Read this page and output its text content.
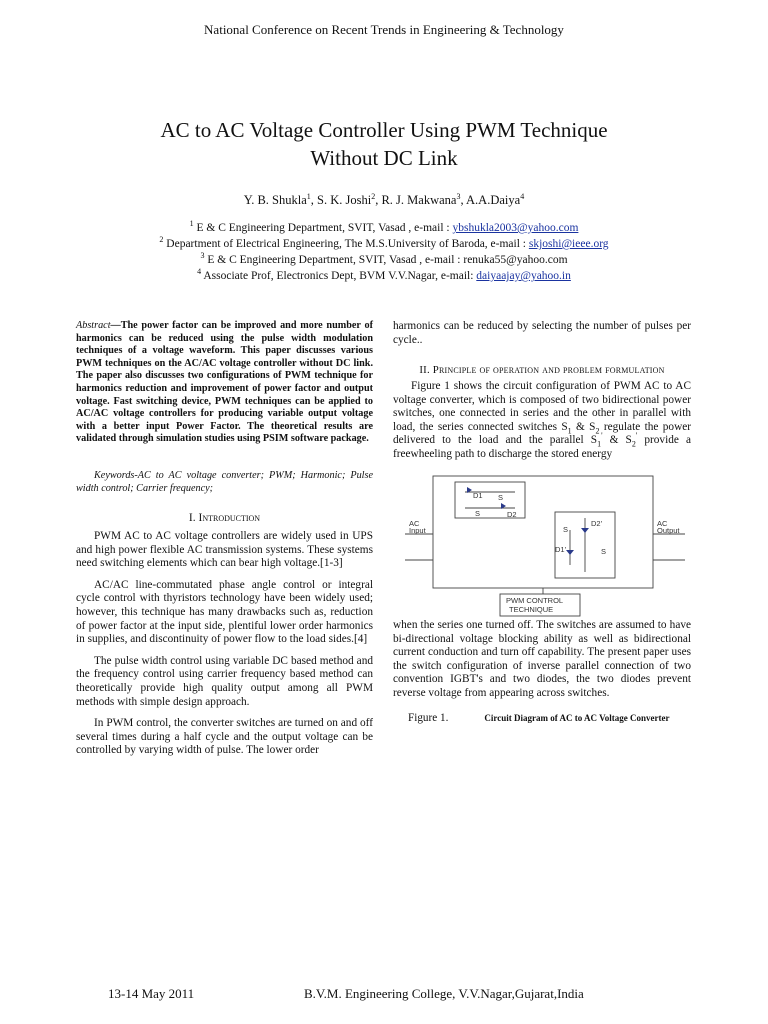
National Conference on Recent Trends in Engineering & Technology
AC to AC Voltage Controller Using PWM Technique
Without DC Link
Y. B. Shukla$^1$, S. K. Joshi$^2$, R. J. Makwana$^3$, A.A.Daiya$^4$
$^1$ E & C Engineering Department, SVIT, Vasad , e-mail : ybshukla2003@yahoo.com
$^2$ Department of Electrical Engineering, The M.S.University of Baroda, e-mail : skjoshi@ieee.org
$^3$ E & C Engineering Department, SVIT, Vasad , e-mail : renuka55@yahoo.com
$^4$ Associate Prof, Electronics Dept, BVM V.V.Nagar, e-mail: daiyaajay@yahoo.in
Abstract—The power factor can be improved and more number of harmonics can be reduced using the pulse width modulation techniques of a voltage waveform. This paper discusses various PWM techniques on the AC/AC voltage controller without DC link. The paper also discusses two configurations of PWM technique for harmonics reduction and improvement of power factor and output voltage. Fast switching device, PWM techniques can be applied to AC/AC voltage controllers for producing variable output voltage with a better input Power Factor. The theoretical results are validated through simulation studies using PSIM software package.
Keywords-AC to AC voltage converter; PWM; Harmonic; Pulse width control; Carrier frequency;
I. Introduction

PWM AC to AC voltage controllers are widely used in UPS and high power flexible AC transmission systems. These systems need switching elements which can bear high voltage.[1-3]

AC/AC line-commutated phase angle control or integral cycle control with thyristors technology have been widely used; however, this technique has many drawbacks such as, reduction of power factor at the input side, plentiful lower order harmonics in supplies, and discontinuity of power flow to the load sides.[4]

The pulse width control using variable DC based method and the frequency control using carrier frequency based method can theoretically provide high quality output among all PWM methods with simple design approach.

In PWM control, the converter switches are turned on and off several times during a half cycle and the output voltage can be controlled by varying width of pulse. The lower order

harmonics can be reduced by selecting the number of pulses per cycle..

II. Principle of operation and problem formulation

Figure 1 shows the circuit configuration of PWM AC to AC voltage converter, which is composed of two bidirectional power switches, one connected in series and the other in parallel with load, the series connected switches $S_1$ & $S_2$ regulate the power delivered to the load and the parallel $S_1'$ & $S_2'$ provide a freewheeling path to discharge the stored energy

AC
Input
AC
Output
D1
D2
D2'
D1'
S
S
S
S
PWM CONTROL
TECHNIQUE

when the series one turned off. The switches are assumed to have bi-directional voltage blocking ability as well as bidirectional current conduction and turn off capability. The present paper uses the switch configuration of inverse parallel connection of two convention IGBT's and two diodes, the two diodes prevent reverse voltage from appearing across switches.

Figure 1.	Circuit Diagram of AC to AC Voltage Converter
13-14 May 2011	B.V.M. Engineering College, V.V.Nagar,Gujarat,India
